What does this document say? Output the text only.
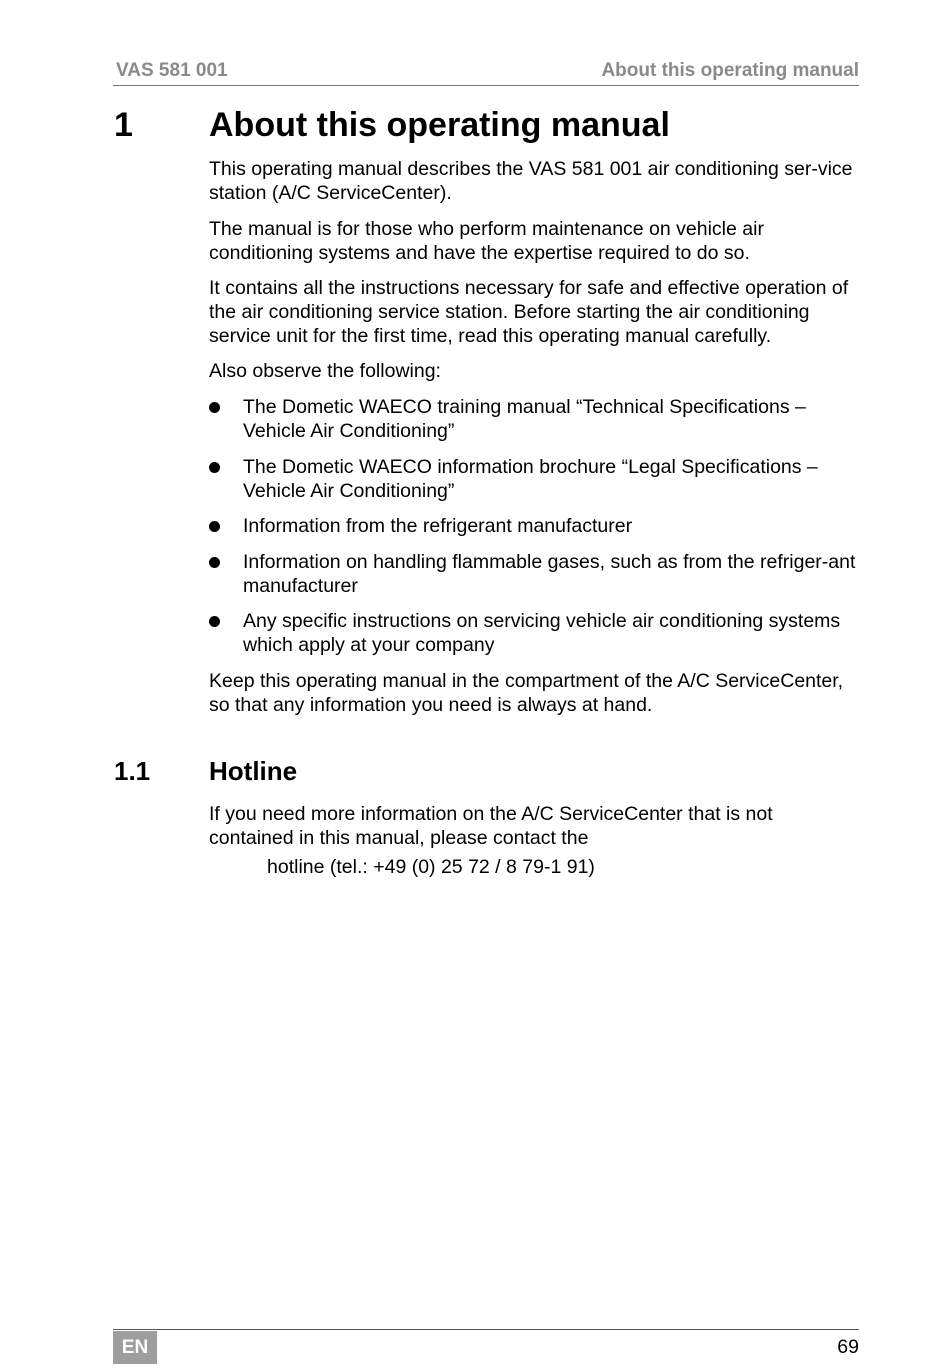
VAS 581 001	About this operating manual
1 About this operating manual

This operating manual describes the VAS 581 001 air conditioning ser-vice station (A/C ServiceCenter).

The manual is for those who perform maintenance on vehicle air conditioning systems and have the expertise required to do so.

It contains all the instructions necessary for safe and effective operation of the air conditioning service station. Before starting the air conditioning service unit for the first time, read this operating manual carefully.

Also observe the following:

The Dometic WAECO training manual “Technical Specifications – Vehicle Air Conditioning”

The Dometic WAECO information brochure “Legal Specifications – Vehicle Air Conditioning”

Information from the refrigerant manufacturer

Information on handling flammable gases, such as from the refriger-ant manufacturer

Any specific instructions on servicing vehicle air conditioning systems which apply at your company

Keep this operating manual in the compartment of the A/C ServiceCenter, so that any information you need is always at hand.

1.1 Hotline

If you need more information on the A/C ServiceCenter that is not contained in this manual, please contact the

hotline (tel.: +49 (0) 25 72 / 8 79-1 91)
EN	69
